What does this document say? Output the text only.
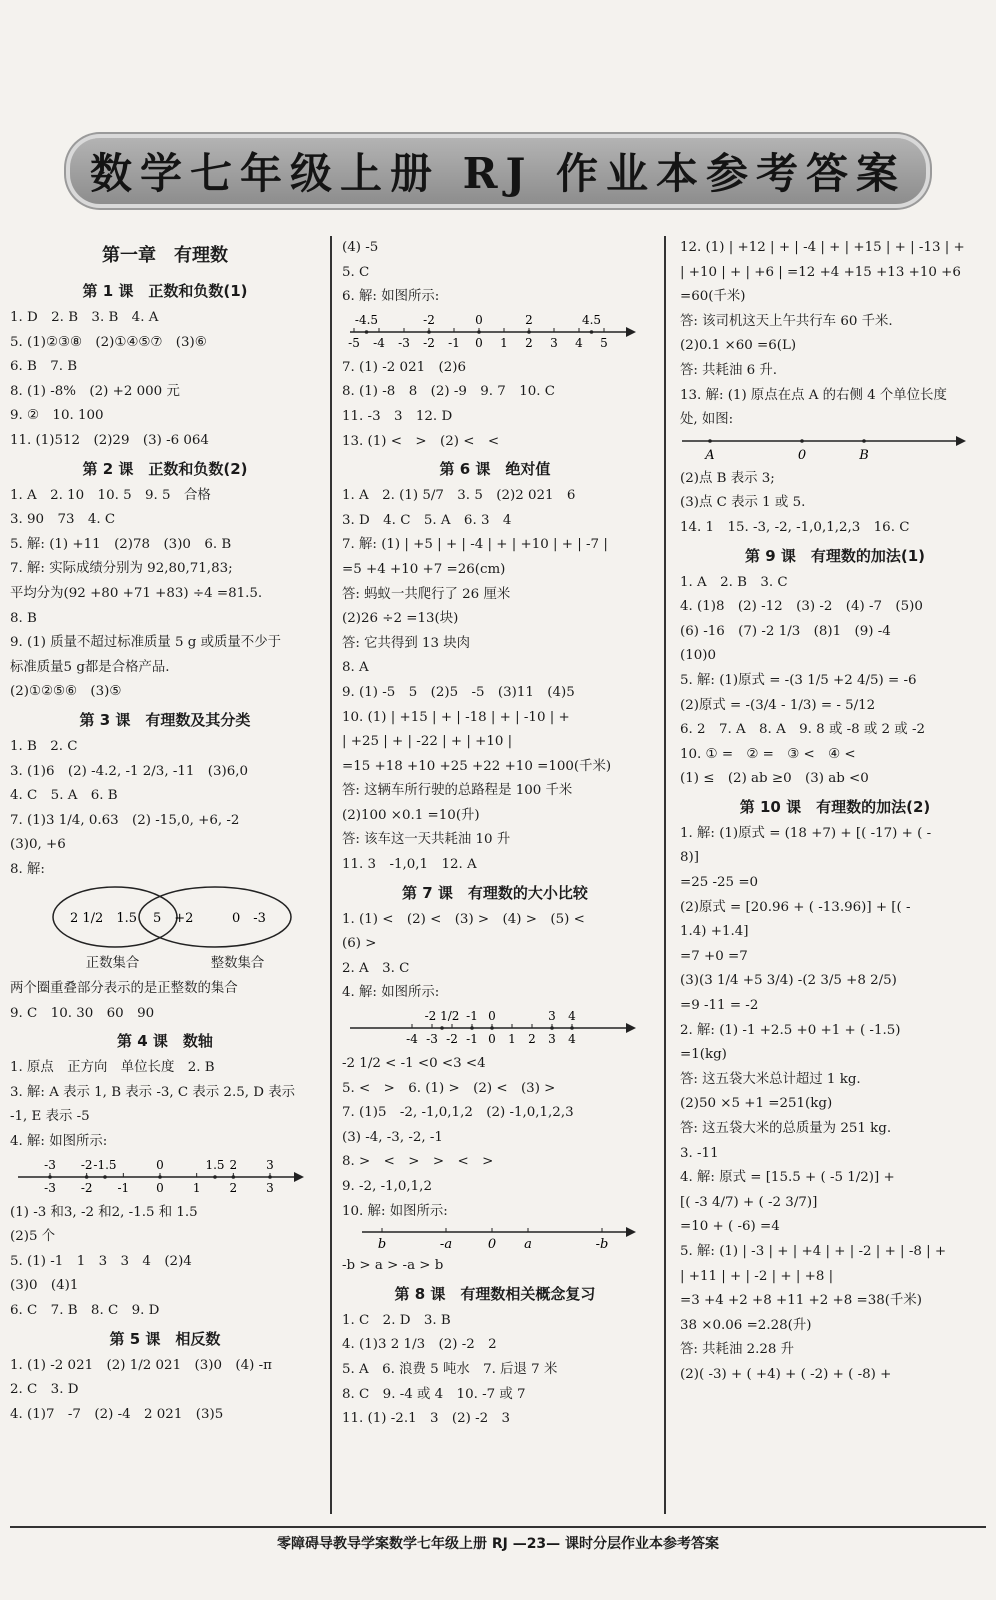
数学七年级上册 RJ 作业本参考答案
第一章　有理数
第 1 课　正数和负数(1)
1. D　2. B　3. B　4. A
5. (1)②③⑧　(2)①④⑤⑦　(3)⑥
6. B　7. B
8. (1) -8%　(2) +2 000 元
9. ②　10. 100
11. (1)512　(2)29　(3) -6 064
第 2 课　正数和负数(2)
1. A　2. 10　10. 5　9. 5　合格
3. 90　73　4. C
5. 解: (1) +11　(2)78　(3)0　6. B
7. 解: 实际成绩分别为 92,80,71,83;
平均分为(92 +80 +71 +83) ÷4 =81.5.
8. B
9. (1) 质量不超过标准质量 5 g 或质量不少于
标准质量5 g都是合格产品.
(2)①②⑤⑥　(3)⑤
第 3 课　有理数及其分类
1. B　2. C
3. (1)6　(2) -4.2, -1 2/3, -11　(3)6,0
4. C　5. A　6. B
7. (1)3 1/4, 0.63　(2) -15,0, +6, -2
(3)0, +6
8. 解:
2 1/2　1.5 5　+2	0　-3
正数集合	整数集合
两个圈重叠部分表示的是正整数的集合
9. C　10. 30　60　90
第 4 课　数轴
1. 原点　正方向　单位长度　2. B
3. 解: A 表示 1, B 表示 -3, C 表示 2.5, D 表示
-1, E 表示 -5
4. 解: 如图所示:
-3 -2 -1 0 1 2 3
-3 -2 -1.5	0	1.5 2 3
(1) -3 和3, -2 和2, -1.5 和 1.5
(2)5 个
5. (1) -1　1　3　3　4　(2)4
(3)0　(4)1
6. C　7. B　8. C　9. D
第 5 课　相反数
1. (1) -2 021　(2) 1/2 021　(3)0　(4) -π
2. C　3. D
4. (1)7　-7　(2) -4　2 021　(3)5
(4) -5
5. C
6. 解: 如图所示:
-5 -4 -3 -2 -1 0 1 2 3 4 5
-4.5	-2	0	2	4.5
7. (1) -2 021　(2)6
8. (1) -8　8　(2) -9　9. 7　10. C
11. -3　3　12. D
13. (1) <　>　(2) <　<
第 6 课　绝对值
1. A　2. (1) 5/7　3. 5　(2)2 021　6
3. D　4. C　5. A　6. 3　4
7. 解: (1) | +5 | + | -4 | + | +10 | + | -7 |
=5 +4 +10 +7 =26(cm)
答: 蚂蚁一共爬行了 26 厘米
(2)26 ÷2 =13(块)
答: 它共得到 13 块肉
8. A
9. (1) -5　5　(2)5　-5　(3)11　(4)5
10. (1) | +15 | + | -18 | + | -10 | +
| +25 | + | -22 | + | +10 |
=15 +18 +10 +25 +22 +10 =100(千米)
答: 这辆车所行驶的总路程是 100 千米
(2)100 ×0.1 =10(升)
答: 该车这一天共耗油 10 升
11. 3　-1,0,1　12. A
第 7 课　有理数的大小比较
1. (1) <　(2) <　(3) >　(4) >　(5) <
(6) >
2. A　3. C
4. 解: 如图所示:
-4 -3 -2 -1 0 1 2 3 4
-2 1/2 -1 0	3 4
-2 1/2 < -1 <0 <3 <4
5. <　>　6. (1) >　(2) <　(3) >
7. (1)5　-2, -1,0,1,2　(2) -1,0,1,2,3
(3) -4, -3, -2, -1
8. >　<　>　>　<　>
9. -2, -1,0,1,2
10. 解: 如图所示:
b	-a	0 a	-b
-b > a > -a > b
第 8 课　有理数相关概念复习
1. C　2. D　3. B
4. (1)3 2 1/3　(2) -2　2
5. A　6. 浪费 5 吨水　7. 后退 7 米
8. C　9. -4 或 4　10. -7 或 7
11. (1) -2.1　3　(2) -2　3
12. (1) | +12 | + | -4 | + | +15 | + | -13 | +
| +10 | + | +6 | =12 +4 +15 +13 +10 +6
=60(千米)
答: 该司机这天上午共行车 60 千米.
(2)0.1 ×60 =6(L)
答: 共耗油 6 升.
13. 解: (1) 原点在点 A 的右侧 4 个单位长度
处, 如图:
A	0	B
(2)点 B 表示 3;
(3)点 C 表示 1 或 5.
14. 1　15. -3, -2, -1,0,1,2,3　16. C
第 9 课　有理数的加法(1)
1. A　2. B　3. C
4. (1)8　(2) -12　(3) -2　(4) -7　(5)0
(6) -16　(7) -2 1/3　(8)1　(9) -4
(10)0
5. 解: (1)原式 = -(3 1/5 +2 4/5) = -6
(2)原式 = -(3/4 - 1/3) = - 5/12
6. 2　7. A　8. A　9. 8 或 -8 或 2 或 -2
10. ① =　② =　③ <　④ <
(1) ≤　(2) ab ≥0　(3) ab <0
第 10 课　有理数的加法(2)
1. 解: (1)原式 = (18 +7) + [( -17) + ( -
8)]
=25 -25 =0
(2)原式 = [20.96 + ( -13.96)] + [( -
1.4) +1.4]
=7 +0 =7
(3)(3 1/4 +5 3/4) -(2 3/5 +8 2/5)
=9 -11 = -2
2. 解: (1) -1 +2.5 +0 +1 + ( -1.5)
=1(kg)
答: 这五袋大米总计超过 1 kg.
(2)50 ×5 +1 =251(kg)
答: 这五袋大米的总质量为 251 kg.
3. -11
4. 解: 原式 = [15.5 + ( -5 1/2)] +
[( -3 4/7) + ( -2 3/7)]
=10 + ( -6) =4
5. 解: (1) | -3 | + | +4 | + | -2 | + | -8 | +
| +11 | + | -2 | + | +8 |
=3 +4 +2 +8 +11 +2 +8 =38(千米)
38 ×0.06 =2.28(升)
答: 共耗油 2.28 升
(2)( -3) + ( +4) + ( -2) + ( -8) +
零障碍导教导学案数学七年级上册 RJ —23— 课时分层作业本参考答案
